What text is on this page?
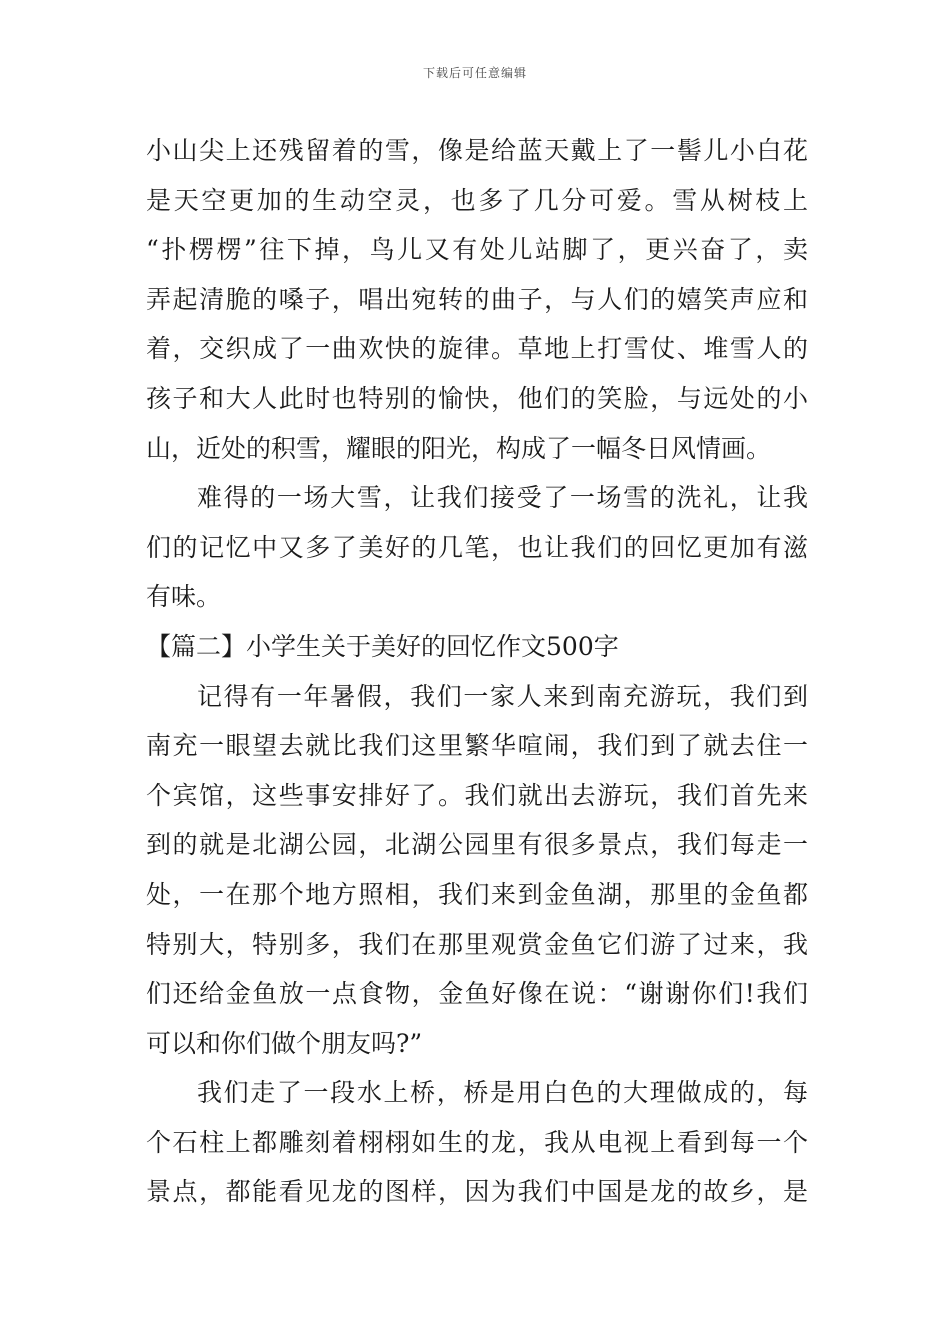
下载后可任意编辑
小山尖上还残留着的雪，像是给蓝天戴上了一髻儿小白花
是天空更加的生动空灵，也多了几分可爱。雪从树枝上
“扑楞楞”往下掉，鸟儿又有处儿站脚了，更兴奋了，卖
弄起清脆的嗓子，唱出宛转的曲子，与人们的嬉笑声应和
着，交织成了一曲欢快的旋律。草地上打雪仗、堆雪人的
孩子和大人此时也特别的愉快，他们的笑脸，与远处的小
山，近处的积雪，耀眼的阳光，构成了一幅冬日风情画。
难得的一场大雪，让我们接受了一场雪的洗礼，让我
们的记忆中又多了美好的几笔，也让我们的回忆更加有滋
有味。
【篇二】小学生关于美好的回忆作文500字
记得有一年暑假，我们一家人来到南充游玩，我们到
南充一眼望去就比我们这里繁华喧闹，我们到了就去住一
个宾馆，这些事安排好了。我们就出去游玩，我们首先来
到的就是北湖公园，北湖公园里有很多景点，我们每走一
处，一在那个地方照相，我们来到金鱼湖，那里的金鱼都
特别大，特别多，我们在那里观赏金鱼它们游了过来，我
们还给金鱼放一点食物，金鱼好像在说：“谢谢你们!我们
可以和你们做个朋友吗?”
我们走了一段水上桥，桥是用白色的大理做成的，每
个石柱上都雕刻着栩栩如生的龙，我从电视上看到每一个
景点，都能看见龙的图样，因为我们中国是龙的故乡，是
